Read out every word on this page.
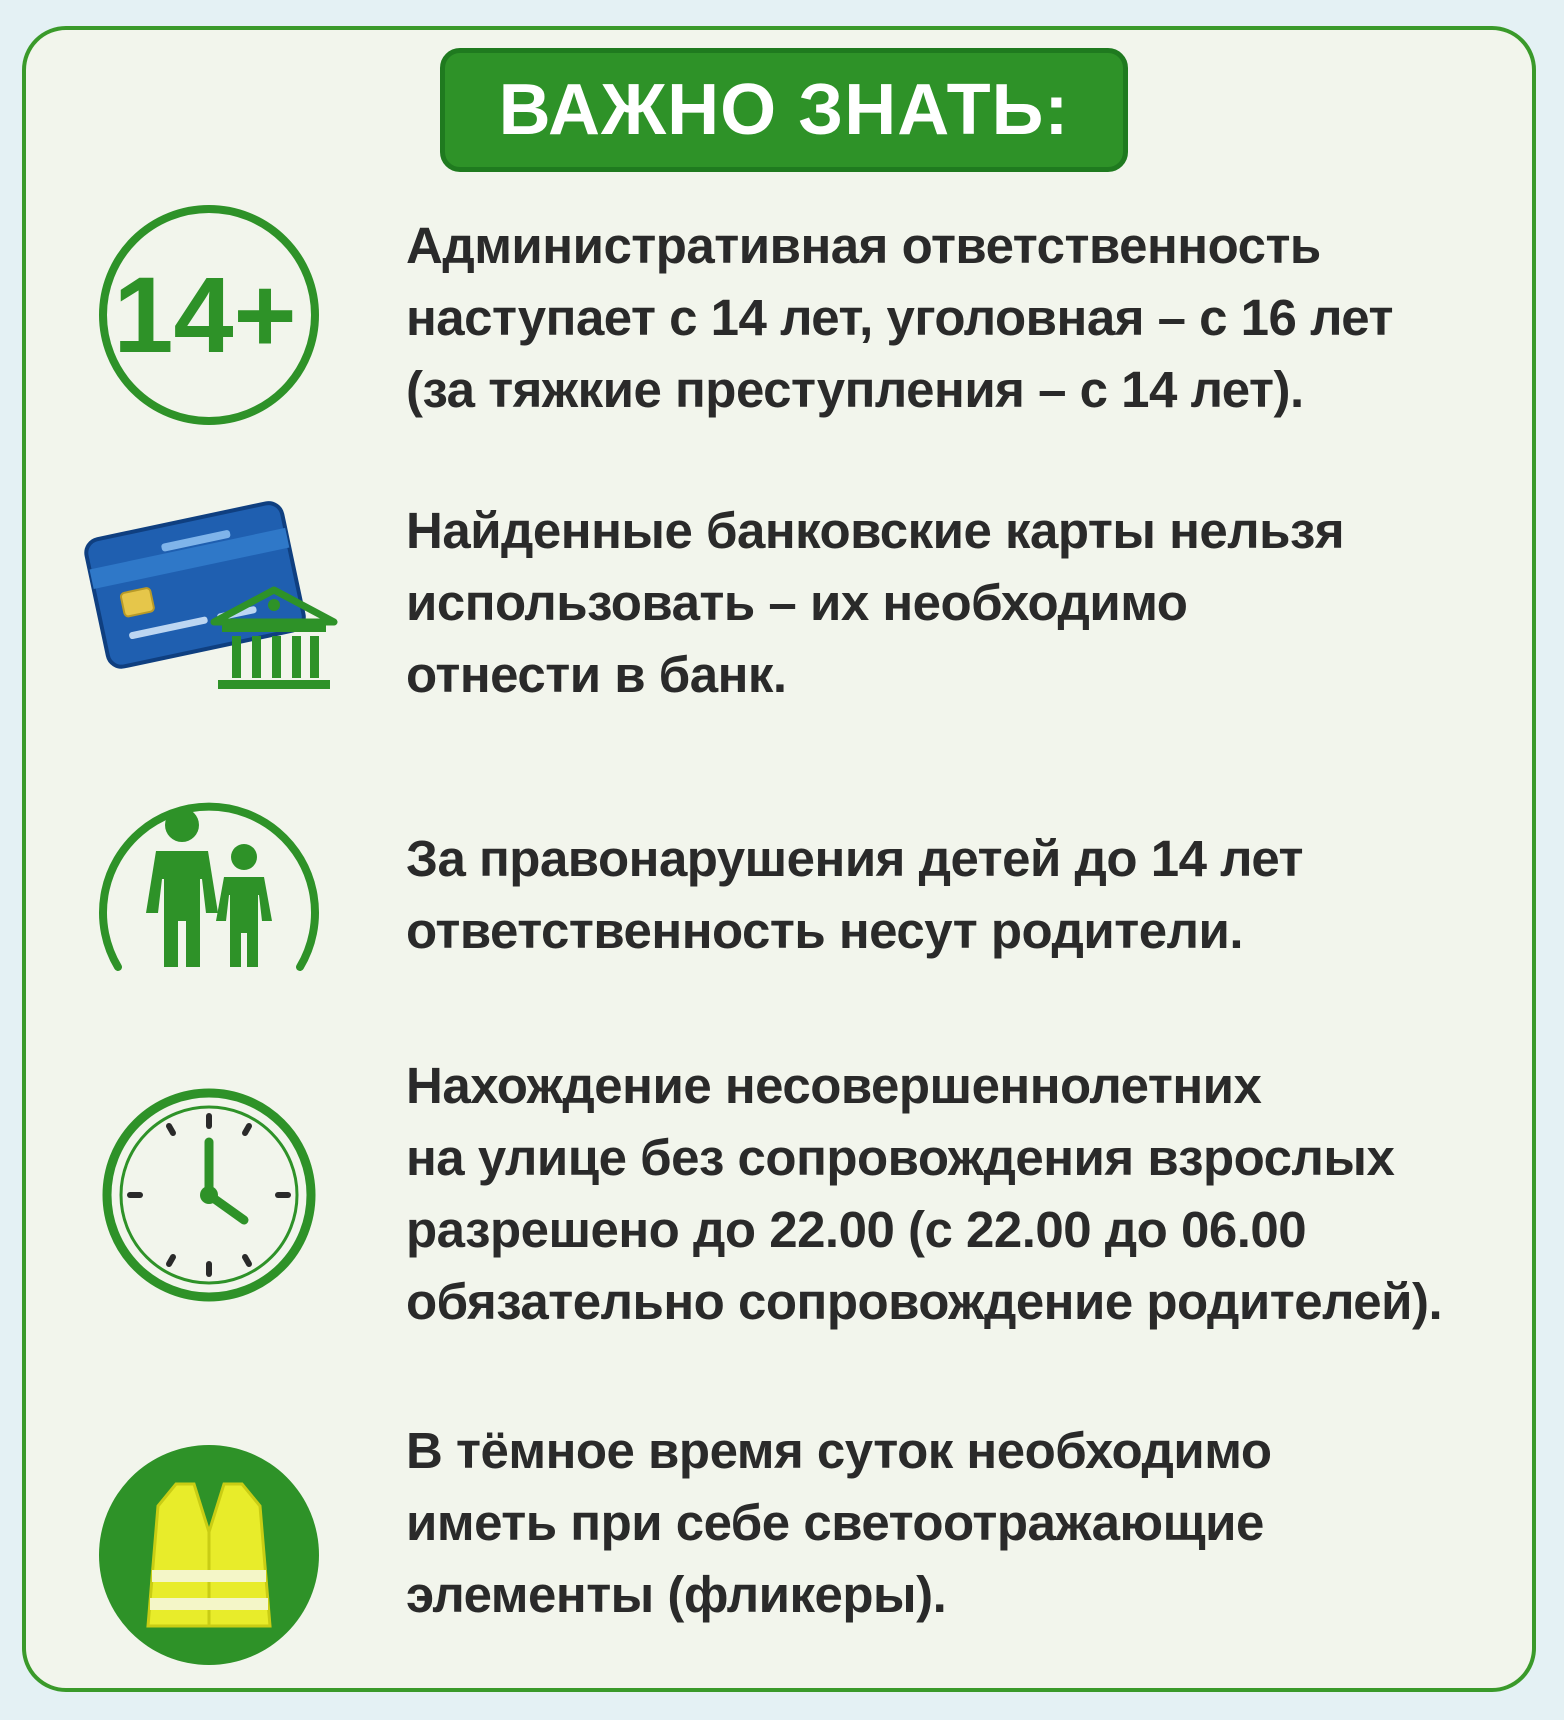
ВАЖНО ЗНАТЬ:
14+

Административная ответственность
наступает с 14 лет, уголовная – с 16 лет
(за тяжкие преступления – с 14 лет).

Найденные банковские карты нельзя
использовать – их необходимо
отнести в банк.

За правонарушения детей до 14 лет
ответственность несут родители.

Нахождение несовершеннолетних
на улице без сопровождения взрослых
разрешено до 22.00 (с 22.00 до 06.00
обязательно сопровождение родителей).

В тёмное время суток необходимо
иметь при себе светоотражающие
элементы (фликеры).
